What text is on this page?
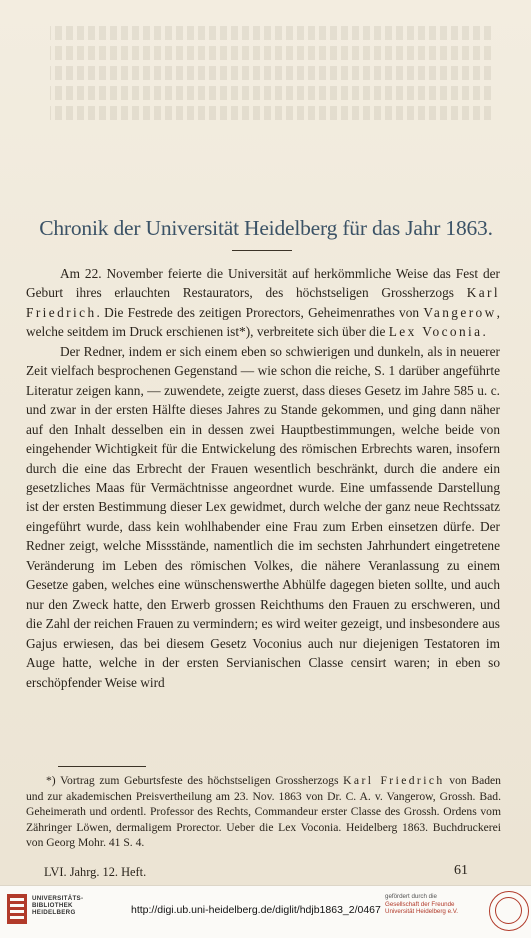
Chronik der Universität Heidelberg für das Jahr 1863.

Am 22. November feierte die Universität auf herkömmliche Weise das Fest der Geburt ihres erlauchten Restaurators, des höchstseligen Grossherzogs Karl Friedrich. Die Festrede des zeitigen Prorectors, Geheimenrathes von Vangerow, welche seitdem im Druck erschienen ist*), verbreitete sich über die Lex Voconia.

Der Redner, indem er sich einem eben so schwierigen und dunkeln, als in neuerer Zeit vielfach besprochenen Gegenstand — wie schon die reiche, S. 1 darüber angeführte Literatur zeigen kann, — zuwendete, zeigte zuerst, dass dieses Gesetz im Jahre 585 u. c. und zwar in der ersten Hälfte dieses Jahres zu Stande gekommen, und ging dann näher auf den Inhalt desselben ein in dessen zwei Hauptbestimmungen, welche beide von eingehender Wichtigkeit für die Entwickelung des römischen Erbrechts waren, insofern durch die eine das Erbrecht der Frauen wesentlich beschränkt, durch die andere ein gesetzliches Maas für Vermächtnisse angeordnet wurde. Eine umfassende Darstellung ist der ersten Bestimmung dieser Lex gewidmet, durch welche der ganz neue Rechtssatz eingeführt wurde, dass kein wohlhabender eine Frau zum Erben einsetzen dürfe. Der Redner zeigt, welche Missstände, namentlich die im sechsten Jahrhundert eingetretene Veränderung im Leben des römischen Volkes, die nähere Veranlassung zu einem Gesetze gaben, welches eine wünschenswerthe Abhülfe dagegen bieten sollte, und auch nur den Zweck hatte, den Erwerb grossen Reichthums den Frauen zu erschweren, und die Zahl der reichen Frauen zu vermindern; es wird weiter gezeigt, und insbesondere aus Gajus erwiesen, das bei diesem Gesetz Voconius auch nur diejenigen Testatoren im Auge hatte, welche in der ersten Servianischen Classe censirt waren; in eben so erschöpfender Weise wird

*) Vortrag zum Geburtsfeste des höchstseligen Grossherzogs Karl Friedrich von Baden und zur akademischen Preisvertheilung am 23. Nov. 1863 von Dr. C. A. v. Vangerow, Grossh. Bad. Geheimerath und ordentl. Professor des Rechts, Commandeur erster Classe des Grossh. Ordens vom Zähringer Löwen, dermaligem Prorector. Ueber die Lex Voconia. Heidelberg 1863. Buchdruckerei von Georg Mohr. 41 S. 4.
LVI. Jahrg. 12. Heft.	61
UNIVERSITÄTS-
BIBLIOTHEK
HEIDELBERG	http://digi.ub.uni-heidelberg.de/diglit/hdjb1863_2/0467
gefördert durch die
Gesellschaft der Freunde
Universität Heidelberg e.V.
